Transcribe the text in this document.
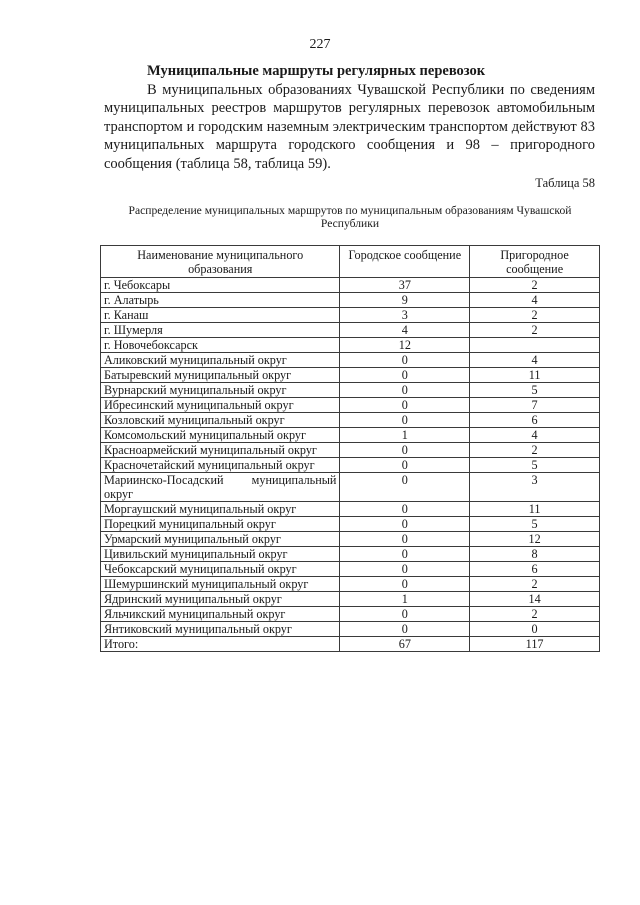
227
Муниципальные маршруты регулярных перевозок

В муниципальных образованиях Чувашской Республики по сведениям муниципальных реестров маршрутов регулярных перевозок автомобильным транспортом и городским наземным электрическим транспортом действуют 83 муниципальных маршрута городского сообщения и 98 – пригородного сообщения (таблица 58, таблица 59).

Таблица 58
Распределение муниципальных маршрутов по муниципальным образованиям Чувашской Республики
Наименование муниципального образования	Городское сообщение	Пригородное сообщение
г. Чебоксары	37	2
г. Алатырь	9	4
г. Канаш	3	2
г. Шумерля	4	2
г. Новочебоксарск	12	
Аликовский муниципальный округ	0	4
Батыревский муниципальный округ	0	11
Вурнарский муниципальный округ	0	5
Ибресинский муниципальный округ	0	7
Козловский муниципальный округ	0	6
Комсомольский муниципальный округ	1	4
Красноармейский муниципальный округ	0	2
Красночетайский муниципальный округ	0	5
Мариинско-Посадский муниципальный округ	0	3
Моргаушский муниципальный округ	0	11
Порецкий муниципальный округ	0	5
Урмарский муниципальный округ	0	12
Цивильский муниципальный округ	0	8
Чебоксарский муниципальный округ	0	6
Шемуршинский муниципальный округ	0	2
Ядринский муниципальный округ	1	14
Яльчикский муниципальный округ	0	2
Янтиковский муниципальный округ	0	0
Итого:	67	117
